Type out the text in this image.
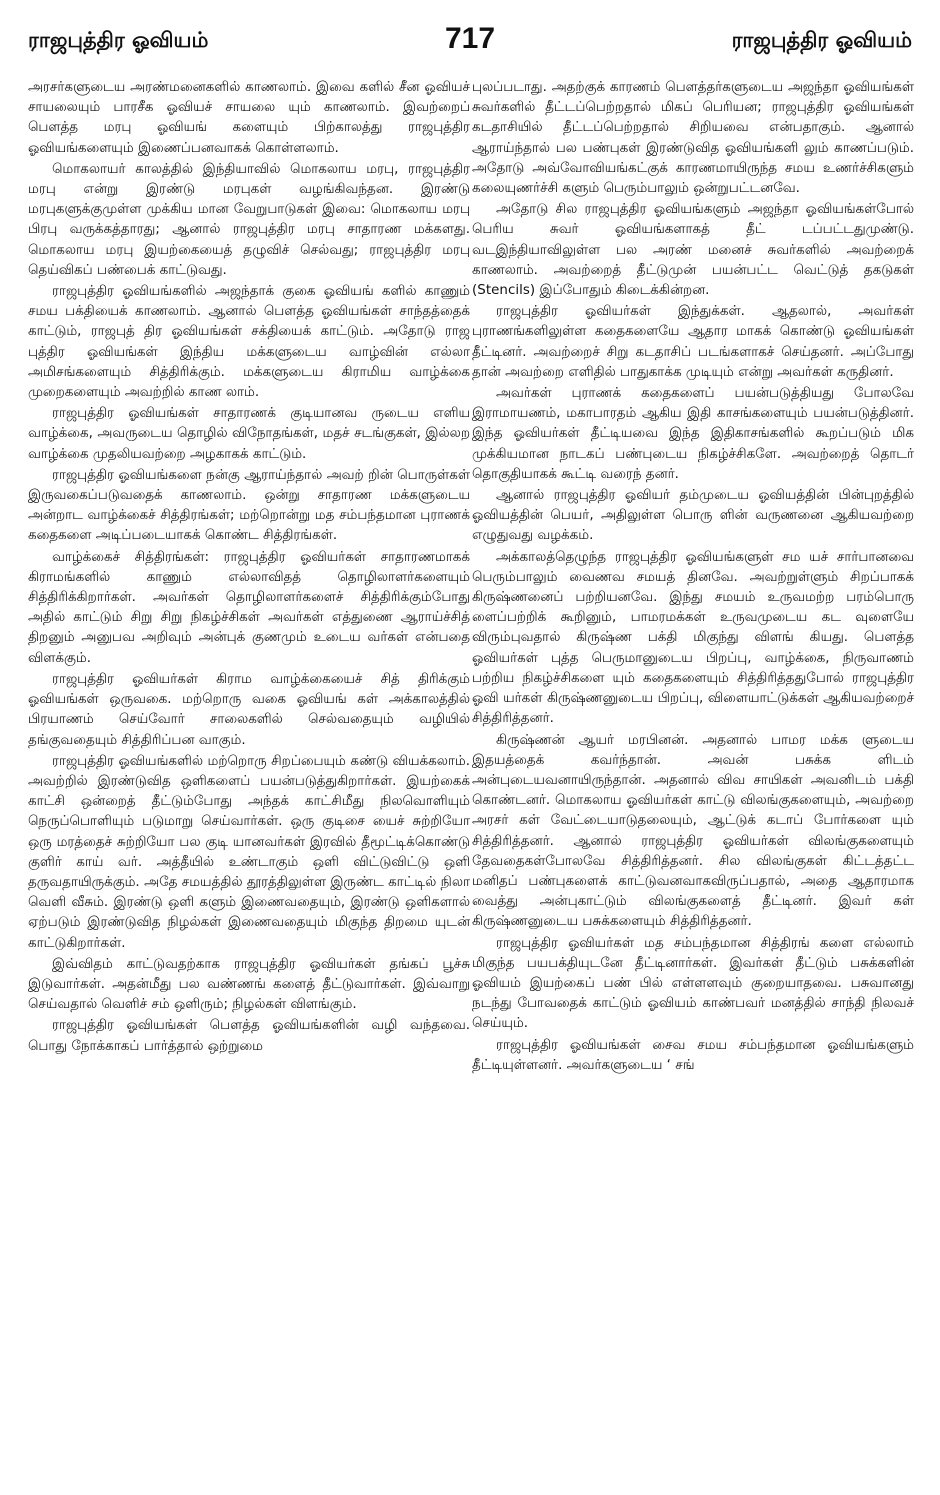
ராஜபுத்திர ஓவியம்	717	ராஜபுத்திர ஓவியம்

அரசர்களுடைய அரண்மனைகளில் காணலாம். இவை களில் சீன ஓவியச் சாயலையும் பாரசீக ஓவியச் சாயலை யும் காணலாம். இவற்றைப் பௌத்த மரபு ஓவியங் களையும் பிற்காலத்து ராஜபுத்திர ஓவியங்களையும் இணைப்பனவாகக் கொள்ளலாம்.

மொகலாயர் காலத்தில் இந்தியாவில் மொகலாய மரபு, ராஜபுத்திர மரபு என்று இரண்டு மரபுகள் வழங்கிவந்தன. இரண்டு மரபுகளுக்குமுள்ள முக்கிய மான வேறுபாடுகள் இவை: மொகலாய மரபு பிரபு வருக்கத்தாரது; ஆனால் ராஜபுத்திர மரபு சாதாரண மக்களது. மொகலாய மரபு இயற்கையைத் தழுவிச் செல்வது; ராஜபுத்திர மரபு தெய்விகப் பண்பைக் காட்டுவது.

ராஜபுத்திர ஓவியங்களில் அஜந்தாக் குகை ஓவியங் களில் காணும் சமய பக்தியைக் காணலாம். ஆனால் பௌத்த ஓவியங்கள் சாந்தத்தைக் காட்டும், ராஜபுத் திர ஓவியங்கள் சக்தியைக் காட்டும். அதோடு ராஜ புத்திர ஓவியங்கள் இந்திய மக்களுடைய வாழ்வின் எல்லா அமிசங்களையும் சித்திரிக்கும். மக்களுடைய கிராமிய வாழ்க்கை முறைகளையும் அவற்றில் காண லாம்.

ராஜபுத்திர ஓவியங்கள் சாதாரணக் குடியானவ ருடைய எளிய வாழ்க்கை, அவருடைய தொழில் விநோதங்கள், மதச் சடங்குகள், இல்லற வாழ்க்கை முதலியவற்றை அழகாகக் காட்டும்.

ராஜபுத்திர ஓவியங்களை நன்கு ஆராய்ந்தால் அவற் றின் பொருள்கள் இருவகைப்படுவதைக் காணலாம். ஒன்று சாதாரண மக்களுடைய அன்றாட வாழ்க்கைச் சித்திரங்கள்; மற்றொன்று மத சம்பந்தமான புராணக் கதைகளை அடிப்படையாகக் கொண்ட சித்திரங்கள்.

வாழ்க்கைச் சித்திரங்கள்: ராஜபுத்திர ஓவியர்கள் சாதாரணமாகக் கிராமங்களில் காணும் எல்லாவிதத் தொழிலாளர்களையும் சித்திரிக்கிறார்கள். அவர்கள் தொழிலாளர்களைச் சித்திரிக்கும்போது அதில் காட்டும் சிறு சிறு நிகழ்ச்சிகள் அவர்கள் எத்துணை ஆராய்ச்சித் திறனும் அனுபவ அறிவும் அன்புக் குணமும் உடைய வர்கள் என்பதை விளக்கும்.

ராஜபுத்திர ஓவியர்கள் கிராம வாழ்க்கையைச் சித் திரிக்கும் ஓவியங்கள் ஒருவகை. மற்றொரு வகை ஓவியங் கள் அக்காலத்தில் பிரயாணம் செய்வோர் சாலைகளில் செல்வதையும் வழியில் தங்குவதையும் சித்திரிப்பன வாகும்.

ராஜபுத்திர ஓவியங்களில் மற்றொரு சிறப்பையும் கண்டு வியக்கலாம். அவற்றில் இரண்டுவித ஒளிகளைப் பயன்படுத்துகிறார்கள். இயற்கைக் காட்சி ஒன்றைத் தீட்டும்போது அந்தக் காட்சிமீது நிலவொளியும் நெருப்பொளியும் படுமாறு செய்வார்கள். ஒரு குடிசை யைச் சுற்றியோ ஒரு மரத்தைச் சுற்றியோ பல குடி யானவர்கள் இரவில் தீமூட்டிக்கொண்டு குளிர் காய் வர். அத்தீயில் உண்டாகும் ஒளி விட்டுவிட்டு ஒளி தருவதாயிருக்கும். அதே சமயத்தில் தூரத்திலுள்ள இருண்ட காட்டில் நிலா வெளி வீசும். இரண்டு ஒளி களும் இணைவதையும், இரண்டு ஒளிகளால் ஏற்படும் இரண்டுவித நிழல்கள் இணைவதையும் மிகுந்த திறமை யுடன் காட்டுகிறார்கள்.

இவ்விதம் காட்டுவதற்காக ராஜபுத்திர ஓவியர்கள் தங்கப் பூச்சு இடுவார்கள். அதன்மீது பல வண்ணங் களைத் தீட்டுவார்கள். இவ்வாறு செய்வதால் வெளிச் சம் ஒளிரும்; நிழல்கள் விளங்கும்.

ராஜபுத்திர ஓவியங்கள் பௌத்த ஓவியங்களின் வழி வந்தவை. பொது நோக்காகப் பார்த்தால் ஒற்றுமை

புலப்படாது. அதற்குக் காரணம் பௌத்தர்களுடைய அஜந்தா ஓவியங்கள் சுவர்களில் தீட்டப்பெற்றதால் மிகப் பெரியன; ராஜபுத்திர ஓவியங்கள் கடதாசியில் தீட்டப்பெற்றதால் சிறியவை என்பதாகும். ஆனால் ஆராய்ந்தால் பல பண்புகள் இரண்டுவித ஓவியங்களி லும் காணப்படும். அதோடு அவ்வோவியங்கட்குக் காரணமாயிருந்த சமய உணர்ச்சிகளும் கலையுணர்ச்சி களும் பெரும்பாலும் ஒன்றுபட்டனவே.

அதோடு சில ராஜபுத்திர ஓவியங்களும் அஜந்தா ஓவியங்கள்போல் பெரிய சுவர் ஓவியங்களாகத் தீட் டப்பட்டதுமுண்டு. வடஇந்தியாவிலுள்ள பல அரண் மனைச் சுவர்களில் அவற்றைக் காணலாம். அவற்றைத் தீட்டுமுன் பயன்பட்ட வெட்டுத் தகடுகள் (Stencils) இப்போதும் கிடைக்கின்றன.

ராஜபுத்திர ஓவியர்கள் இந்துக்கள். ஆதலால், அவர்கள் புராணங்களிலுள்ள கதைகளையே ஆதார மாகக் கொண்டு ஓவியங்கள் தீட்டினர். அவற்றைச் சிறு கடதாசிப் படங்களாகச் செய்தனர். அப்போது தான் அவற்றை எளிதில் பாதுகாக்க முடியும் என்று அவர்கள் கருதினர்.

அவர்கள் புராணக் கதைகளைப் பயன்படுத்தியது போலவே இராமாயணம், மகாபாரதம் ஆகிய இதி காசங்களையும் பயன்படுத்தினர். இந்த ஓவியர்கள் தீட்டியவை இந்த இதிகாசங்களில் கூறப்படும் மிக முக்கியமான நாடகப் பண்புடைய நிகழ்ச்சிகளே. அவற்றைத் தொடர் தொகுதியாகக் கூட்டி வரைந் தனர்.

ஆனால் ராஜபுத்திர ஓவியர் தம்முடைய ஓவியத்தின் பின்புறத்தில் ஓவியத்தின் பெயர், அதிலுள்ள பொரு ளின் வருணனை ஆகியவற்றை எழுதுவது வழக்கம்.

அக்காலத்தெழுந்த ராஜபுத்திர ஓவியங்களுள் சம யச் சார்பானவை பெரும்பாலும் வைணவ சமயத் தினவே. அவற்றுள்ளும் சிறப்பாகக் கிருஷ்ணனைப் பற்றியனவே. இந்து சமயம் உருவமற்ற பரம்பொரு ளைப்பற்றிக் கூறினும், பாமரமக்கள் உருவமுடைய கட வுளையே விரும்புவதால் கிருஷ்ண பக்தி மிகுந்து விளங் கியது. பௌத்த ஓவியர்கள் புத்த பெருமானுடைய பிறப்பு, வாழ்க்கை, நிருவாணம் பற்றிய நிகழ்ச்சிகளை யும் கதைகளையும் சித்திரித்ததுபோல் ராஜபுத்திர ஓவி யர்கள் கிருஷ்ணனுடைய பிறப்பு, விளையாட்டுக்கள் ஆகியவற்றைச் சித்திரித்தனர்.

கிருஷ்ணன் ஆயர் மரபினன். அதனால் பாமர மக்க ளுடைய இதயத்தைக் கவர்ந்தான். அவன் பசுக்க ளிடம் அன்புடையவனாயிருந்தான். அதனால் விவ சாயிகள் அவனிடம் பக்தி கொண்டனர். மொகலாய ஓவியர்கள் காட்டு விலங்குகளையும், அவற்றை அரசர் கள் வேட்டையாடுதலையும், ஆட்டுக் கடாப் போர்களை யும் சித்திரித்தனர். ஆனால் ராஜபுத்திர ஓவியர்கள் விலங்குகளையும் தேவதைகள்போலவே சித்திரித்தனர். சில விலங்குகள் கிட்டத்தட்ட மனிதப் பண்புகளைக் காட்டுவனவாகவிருப்பதால், அதை ஆதாரமாக வைத்து அன்புகாட்டும் விலங்குகளைத் தீட்டினர். இவர் கள் கிருஷ்ணனுடைய பசுக்களையும் சித்திரித்தனர்.

ராஜபுத்திர ஓவியர்கள் மத சம்பந்தமான சித்திரங் களை எல்லாம் மிகுந்த பயபக்தியுடனே தீட்டினார்கள். இவர்கள் தீட்டும் பசுக்களின் ஓவியம் இயற்கைப் பண் பில் எள்ளளவும் குறையாதவை. பசுவானது நடந்து போவதைக் காட்டும் ஓவியம் காண்பவர் மனத்தில் சாந்தி நிலவச் செய்யும்.

ராஜபுத்திர ஓவியங்கள் சைவ சமய சம்பந்தமான ஓவியங்களும் தீட்டியுள்ளனர். அவர்களுடைய ‘ சங்
